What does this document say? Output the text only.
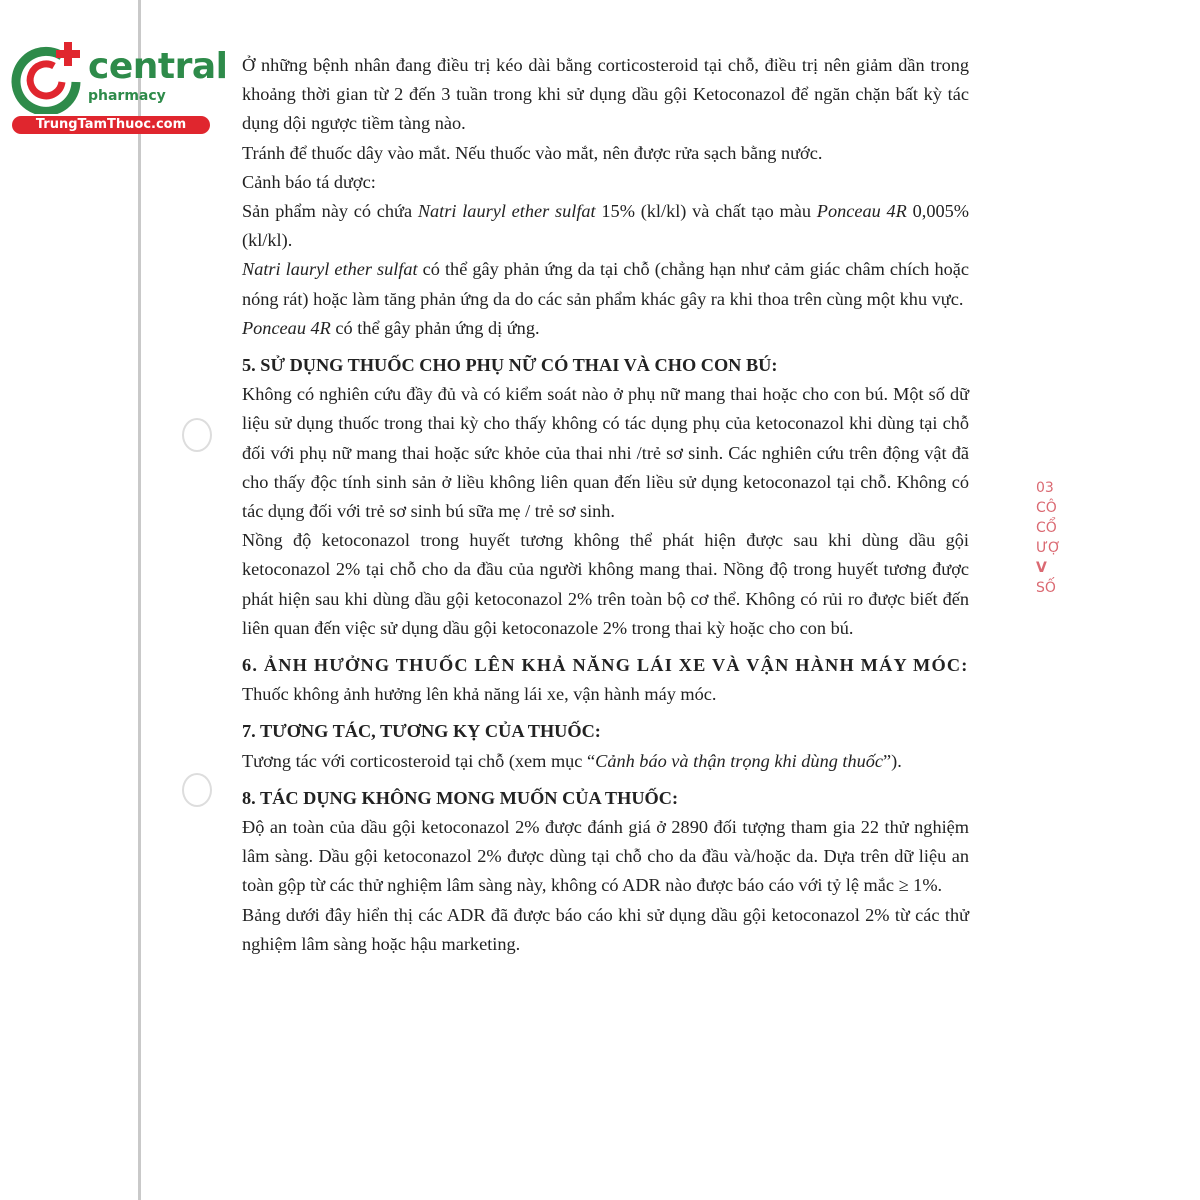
central
pharmacy
TrungTamThuoc.com
03
CÔ
CỔ
ƯỢ
V
SỐ

Ở những bệnh nhân đang điều trị kéo dài bằng corticosteroid tại chỗ, điều trị nên giảm dần trong khoảng thời gian từ 2 đến 3 tuần trong khi sử dụng dầu gội Ketoconazol để ngăn chặn bất kỳ tác dụng dội ngược tiềm tàng nào.

Tránh để thuốc dây vào mắt. Nếu thuốc vào mắt, nên được rửa sạch bằng nước.

Cảnh báo tá dược:

Sản phẩm này có chứa Natri lauryl ether sulfat 15% (kl/kl) và chất tạo màu Ponceau 4R 0,005% (kl/kl).

Natri lauryl ether sulfat có thể gây phản ứng da tại chỗ (chẳng hạn như cảm giác châm chích hoặc nóng rát) hoặc làm tăng phản ứng da do các sản phẩm khác gây ra khi thoa trên cùng một khu vực.

Ponceau 4R có thể gây phản ứng dị ứng.

5. SỬ DỤNG THUỐC CHO PHỤ NỮ CÓ THAI VÀ CHO CON BÚ:

Không có nghiên cứu đầy đủ và có kiểm soát nào ở phụ nữ mang thai hoặc cho con bú. Một số dữ liệu sử dụng thuốc trong thai kỳ cho thấy không có tác dụng phụ của ketoconazol khi dùng tại chỗ đối với phụ nữ mang thai hoặc sức khỏe của thai nhi /trẻ sơ sinh. Các nghiên cứu trên động vật đã cho thấy độc tính sinh sản ở liều không liên quan đến liều sử dụng ketoconazol tại chỗ. Không có tác dụng đối với trẻ sơ sinh bú sữa mẹ / trẻ sơ sinh.

Nồng độ ketoconazol trong huyết tương không thể phát hiện được sau khi dùng dầu gội ketoconazol 2% tại chỗ cho da đầu của người không mang thai. Nồng độ trong huyết tương được phát hiện sau khi dùng dầu gội ketoconazol 2% trên toàn bộ cơ thể. Không có rủi ro được biết đến liên quan đến việc sử dụng dầu gội ketoconazole 2% trong thai kỳ hoặc cho con bú.

6. ẢNH HƯỞNG THUỐC LÊN KHẢ NĂNG LÁI XE VÀ VẬN HÀNH MÁY MÓC:

Thuốc không ảnh hưởng lên khả năng lái xe, vận hành máy móc.

7. TƯƠNG TÁC, TƯƠNG KỴ CỦA THUỐC:

Tương tác với corticosteroid tại chỗ (xem mục “Cảnh báo và thận trọng khi dùng thuốc”).

8. TÁC DỤNG KHÔNG MONG MUỐN CỦA THUỐC:

Độ an toàn của dầu gội ketoconazol 2% được đánh giá ở 2890 đối tượng tham gia 22 thử nghiệm lâm sàng. Dầu gội ketoconazol 2% được dùng tại chỗ cho da đầu và/hoặc da. Dựa trên dữ liệu an toàn gộp từ các thử nghiệm lâm sàng này, không có ADR nào được báo cáo với tỷ lệ mắc ≥ 1%.

Bảng dưới đây hiển thị các ADR đã được báo cáo khi sử dụng dầu gội ketoconazol 2% từ các thử nghiệm lâm sàng hoặc hậu marketing.
